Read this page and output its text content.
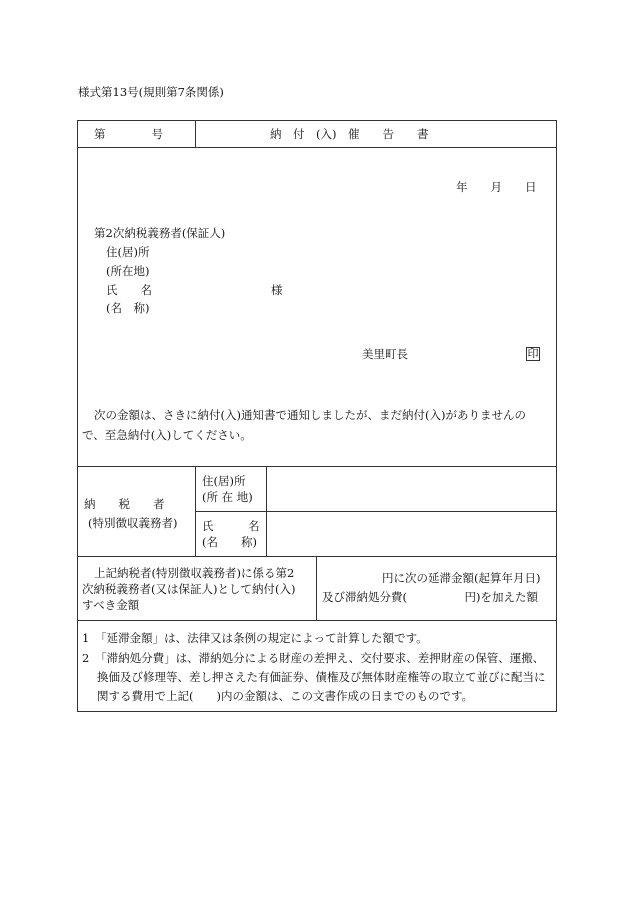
様式第13号(規則第7条関係)
第　　　　号	納　付　(入)　催　　告　　書
年　　月　　日
第2次納税義務者(保証人)
住(居)所
(所在地)
氏　　名
(名　称)
様
美里町長	印
次の金額は、さきに納付(入)通知書で通知しましたが、まだ納付(入)がありませんの
で、至急納付(入)してください。
納　　税　　者
(特別徴収義務者)
住(居)所
(所 在 地)
氏　　　名
(名　　称)
上記納税者(特別徴収義務者)に係る第2
次納税義務者(又は保証人)として納付(入)
すべき金額
円に次の延滞金額(起算年月日)
及び滞納処分費(　　　　　円)を加えた額
1　「延滞金額」は、法律又は条例の規定によって計算した額です。
2　「滞納処分費」は、滞納処分による財産の差押え、交付要求、差押財産の保管、運搬、
換価及び修理等、差し押さえた有価証券、債権及び無体財産権等の取立て並びに配当に
関する費用で上記(　　)内の金額は、この文書作成の日までのものです。
